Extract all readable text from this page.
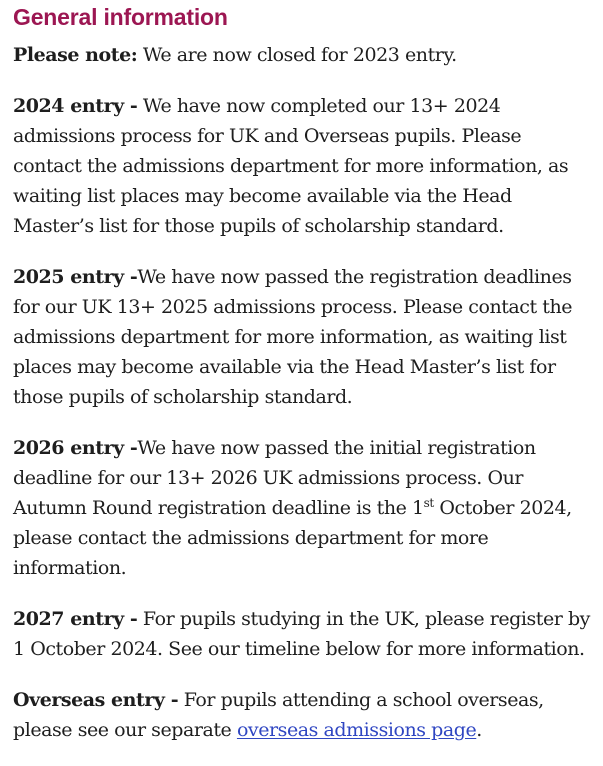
General information

Please note: We are now closed for 2023 entry.

2024 entry - We have now completed our 13+ 2024 admissions process for UK and Overseas pupils. Please contact the admissions department for more information, as waiting list places may become available via the Head Master’s list for those pupils of scholarship standard.

2025 entry -We have now passed the registration deadlines for our UK 13+ 2025 admissions process. Please contact the admissions department for more information, as waiting list places may become available via the Head Master’s list for those pupils of scholarship standard.

2026 entry -We have now passed the initial registration deadline for our 13+ 2026 UK admissions process. Our Autumn Round registration deadline is the 1st October 2024, please contact the admissions department for more information.

2027 entry - For pupils studying in the UK, please register by 1 October 2024. See our timeline below for more information.

Overseas entry - For pupils attending a school overseas, please see our separate overseas admissions page.
